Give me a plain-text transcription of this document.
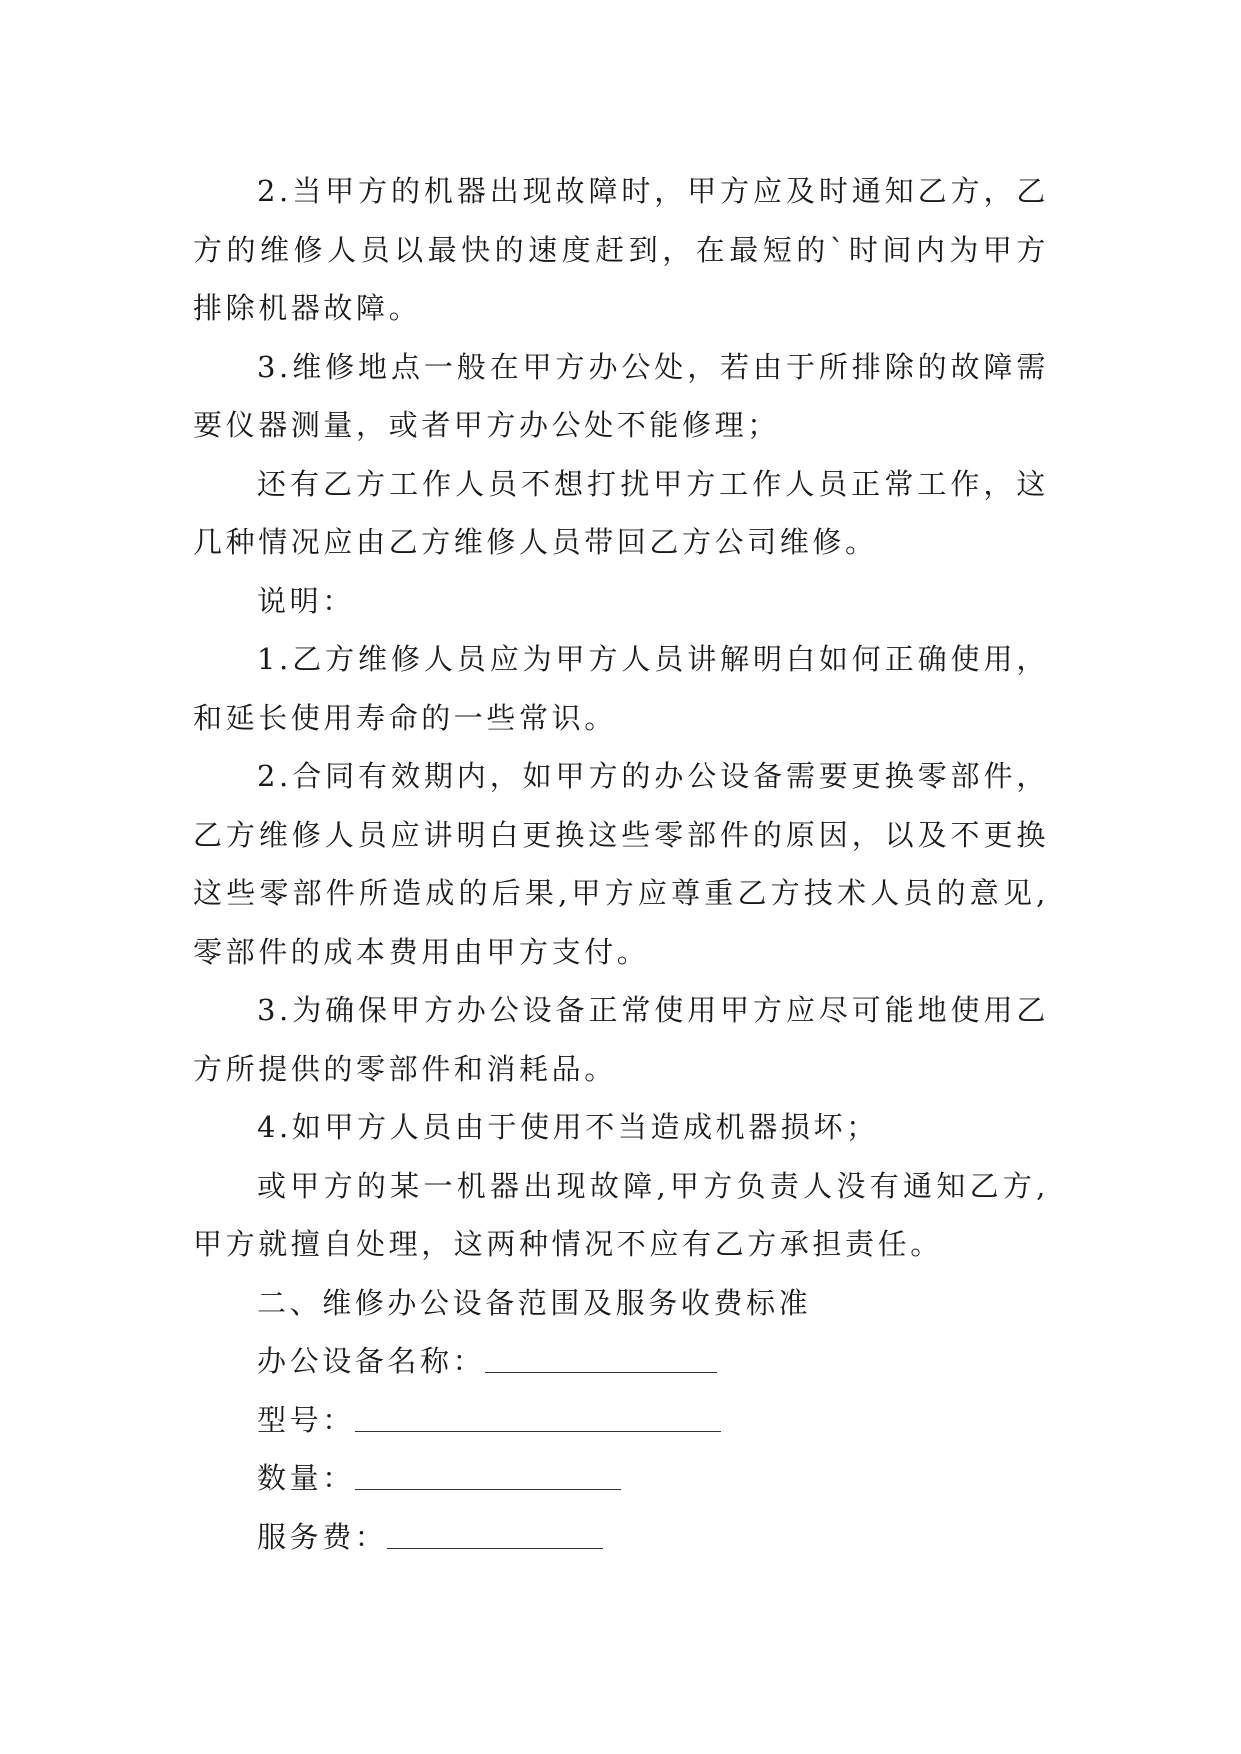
2.当甲方的机器出现故障时，甲方应及时通知乙方，乙方的维修人员以最快的速度赶到，在最短的`时间内为甲方排除机器故障。

3.维修地点一般在甲方办公处，若由于所排除的故障需要仪器测量，或者甲方办公处不能修理；

还有乙方工作人员不想打扰甲方工作人员正常工作，这几种情况应由乙方维修人员带回乙方公司维修。

说明：

1.乙方维修人员应为甲方人员讲解明白如何正确使用，和延长使用寿命的一些常识。

2.合同有效期内，如甲方的办公设备需要更换零部件，乙方维修人员应讲明白更换这些零部件的原因，以及不更换这些零部件所造成的后果,甲方应尊重乙方技术人员的意见,零部件的成本费用由甲方支付。

3.为确保甲方办公设备正常使用甲方应尽可能地使用乙方所提供的零部件和消耗品。

4.如甲方人员由于使用不当造成机器损坏；

或甲方的某一机器出现故障,甲方负责人没有通知乙方,甲方就擅自处理，这两种情况不应有乙方承担责任。

二、维修办公设备范围及服务收费标准

办公设备名称：

型号：

数量：

服务费：
